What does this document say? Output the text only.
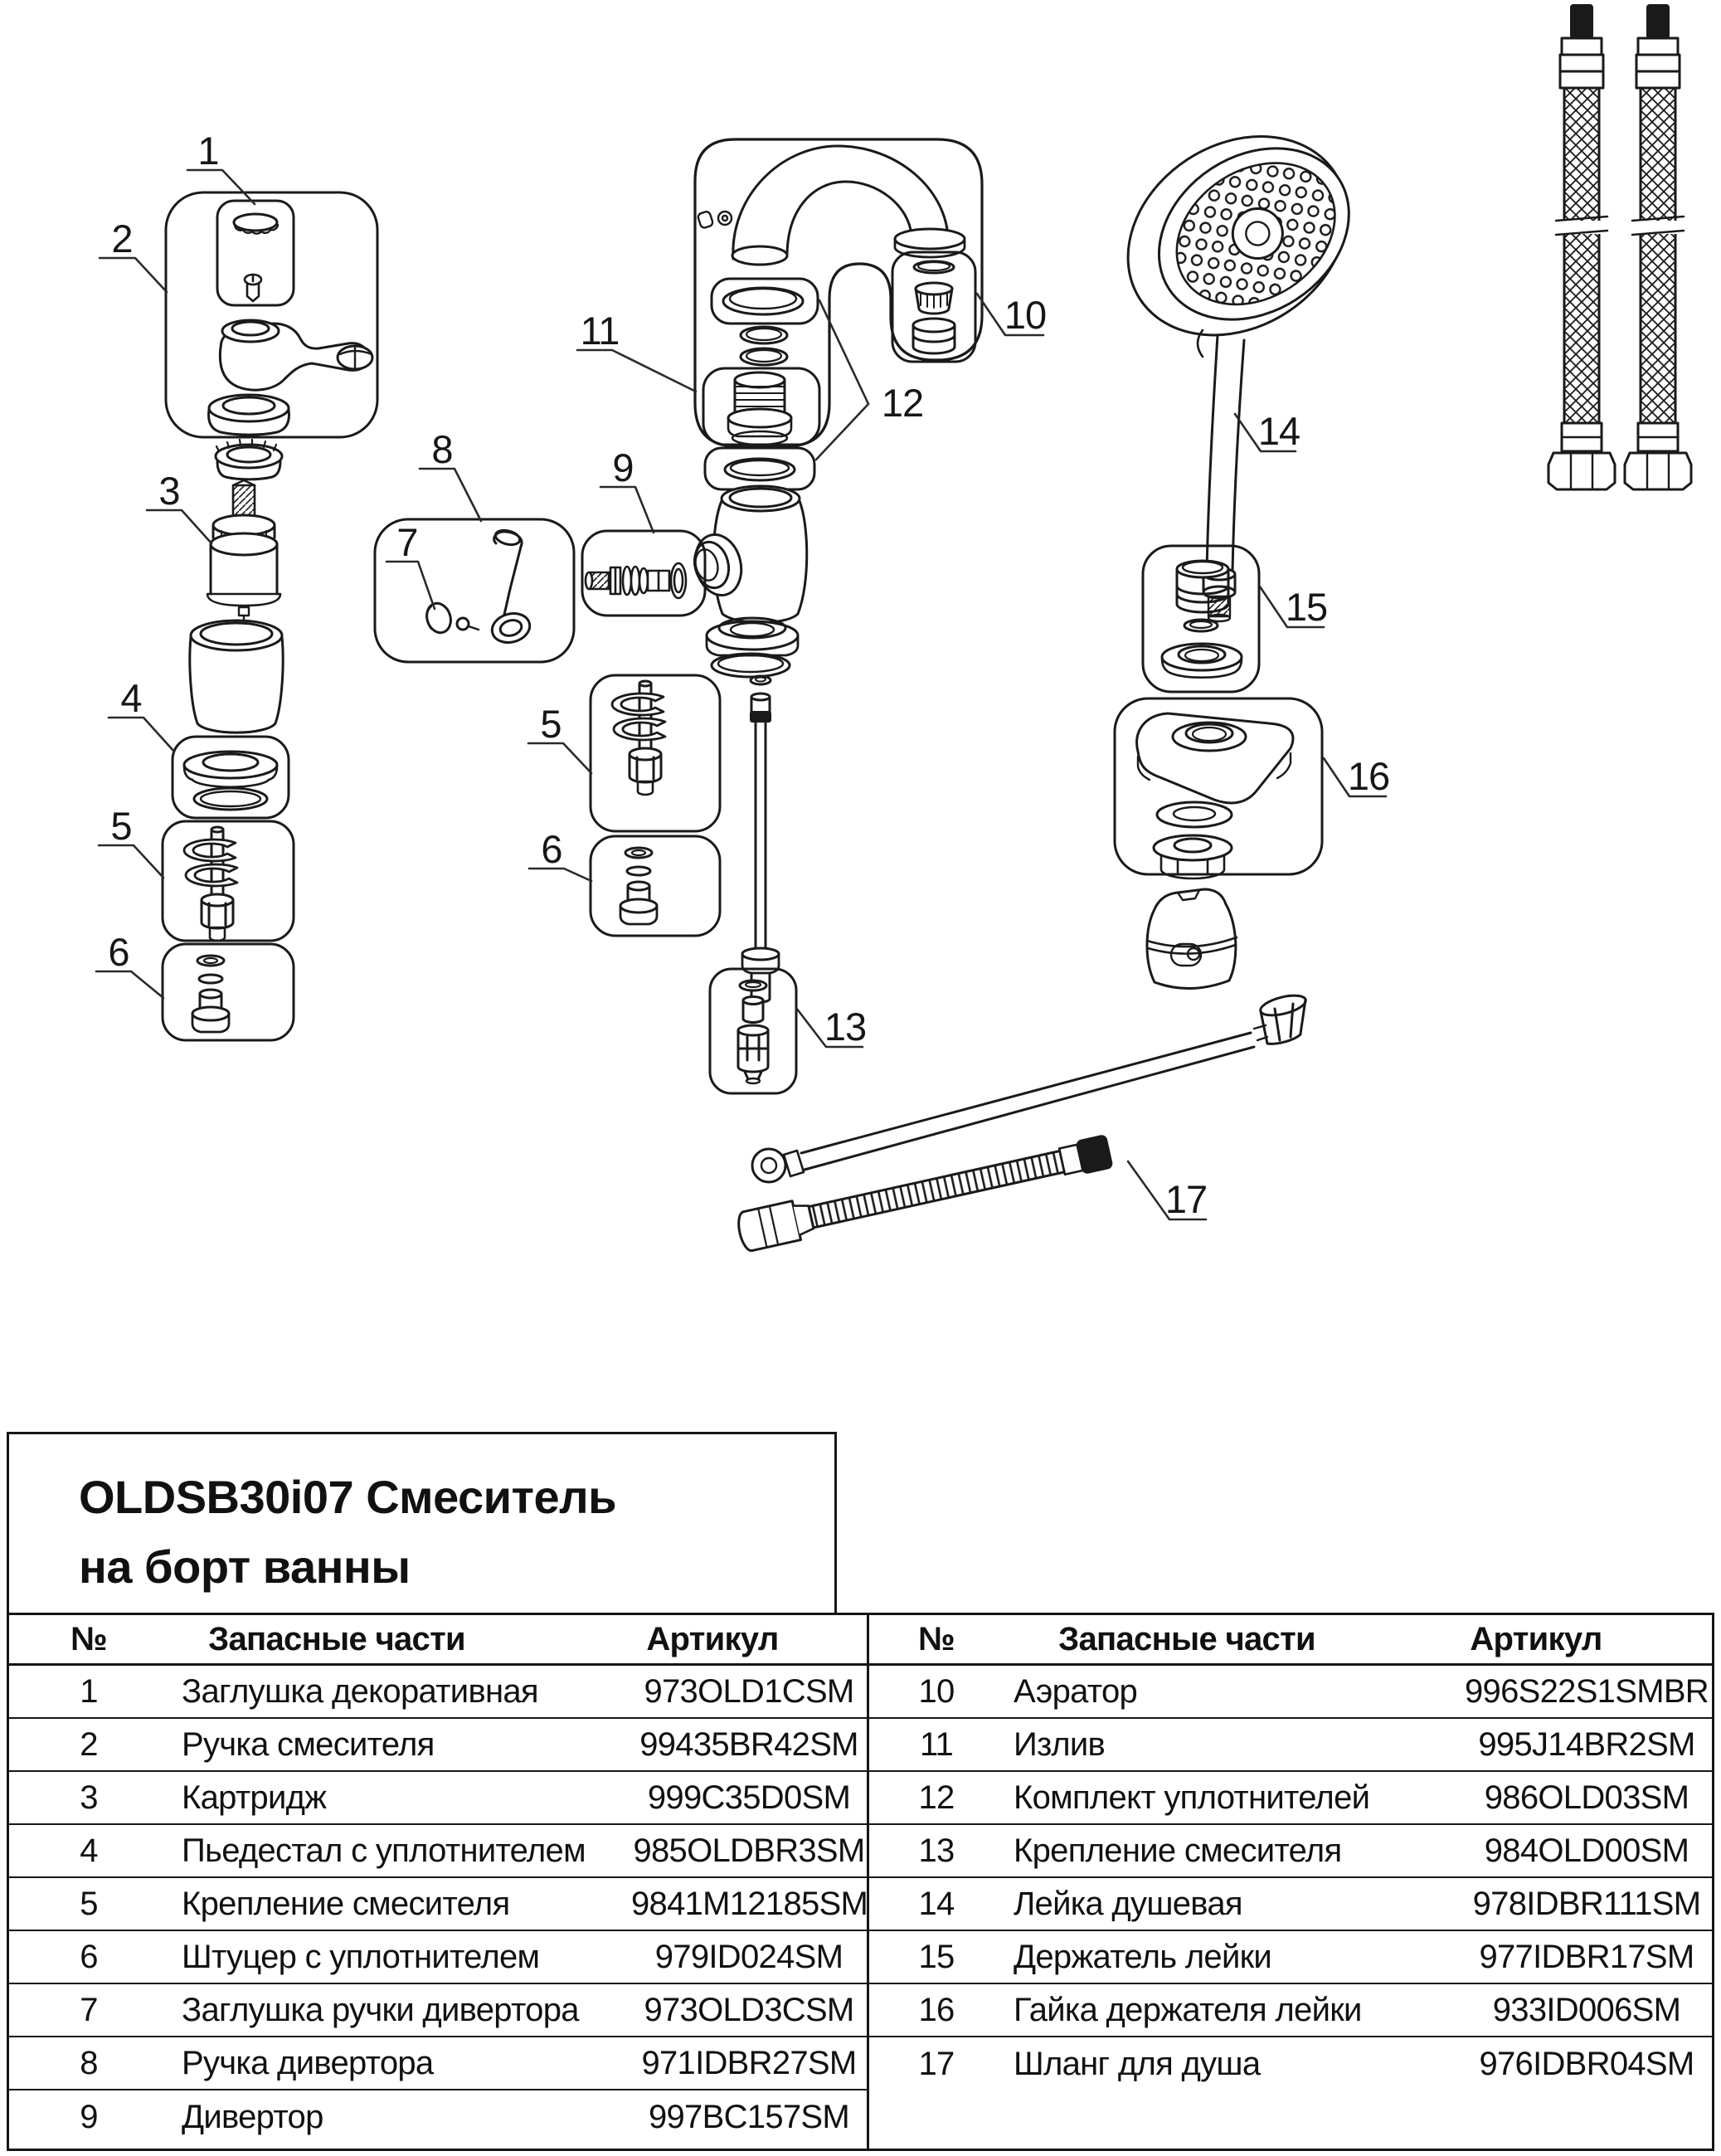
1
2
3
4
5
6
7
8	9
10
11
12
13
14
15
16
17
5
6
OLDSB30i07 Смеситель
на борт ванны
№	Запасные части	Артикул
1	Заглушка декоративная	973OLD1CSM
2	Ручка смесителя	99435BR42SM
3	Картридж	999C35D0SM
4	Пьедестал с уплотнителем	985OLDBR3SM
5	Крепление смесителя	9841M12185SM
6	Штуцер с уплотнителем	979ID024SM
7	Заглушка ручки дивертора	973OLD3CSM
8	Ручка дивертора	971IDBR27SM
9	Дивертор	997BC157SM
№	Запасные части	Артикул
10	Аэратор	996S22S1SMBR
11	Излив	995J14BR2SM
12	Комплект уплотнителей	986OLD03SM
13	Крепление смесителя	984OLD00SM
14	Лейка душевая	978IDBR111SM
15	Держатель лейки	977IDBR17SM
16	Гайка держателя лейки	933ID006SM
17	Шланг для душа	976IDBR04SM
